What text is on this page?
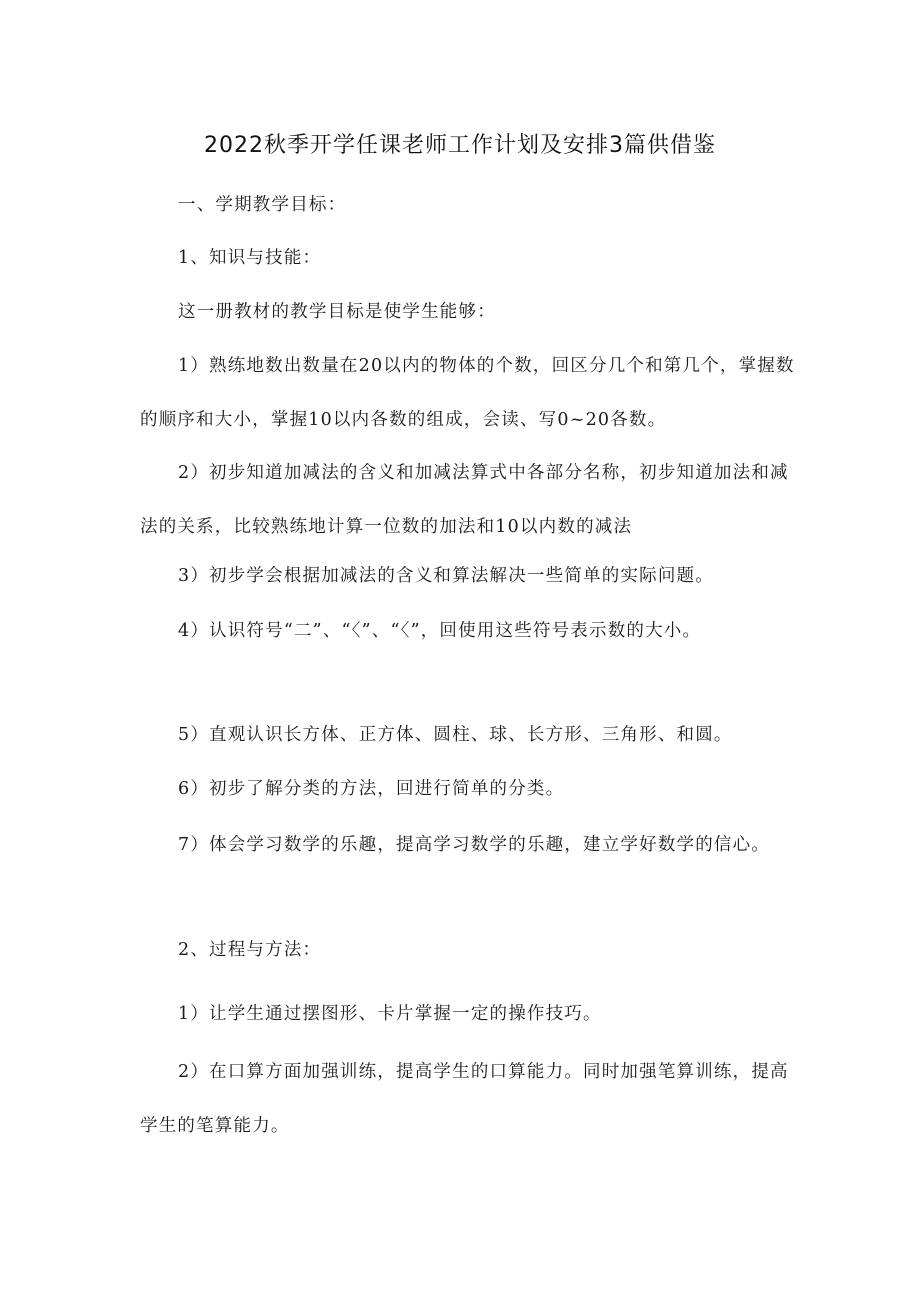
2022秋季开学任课老师工作计划及安排3篇供借鉴
一、学期教学目标：
1、知识与技能：
这一册教材的教学目标是使学生能够：
1）熟练地数出数量在20以内的物体的个数，回区分几个和第几个，掌握数的顺序和大小，掌握10以内各数的组成，会读、写0~20各数。
2）初步知道加减法的含义和加减法算式中各部分名称，初步知道加法和减法的关系，比较熟练地计算一位数的加法和10以内数的减法
3）初步学会根据加减法的含义和算法解决一些简单的实际问题。
4）认识符号“二”、“〈”、“〈”，回使用这些符号表示数的大小。
5）直观认识长方体、正方体、圆柱、球、长方形、三角形、和圆。
6）初步了解分类的方法，回进行简单的分类。
7）体会学习数学的乐趣，提高学习数学的乐趣，建立学好数学的信心。
2、过程与方法：
1）让学生通过摆图形、卡片掌握一定的操作技巧。
2）在口算方面加强训练，提高学生的口算能力。同时加强笔算训练，提高学生的笔算能力。
